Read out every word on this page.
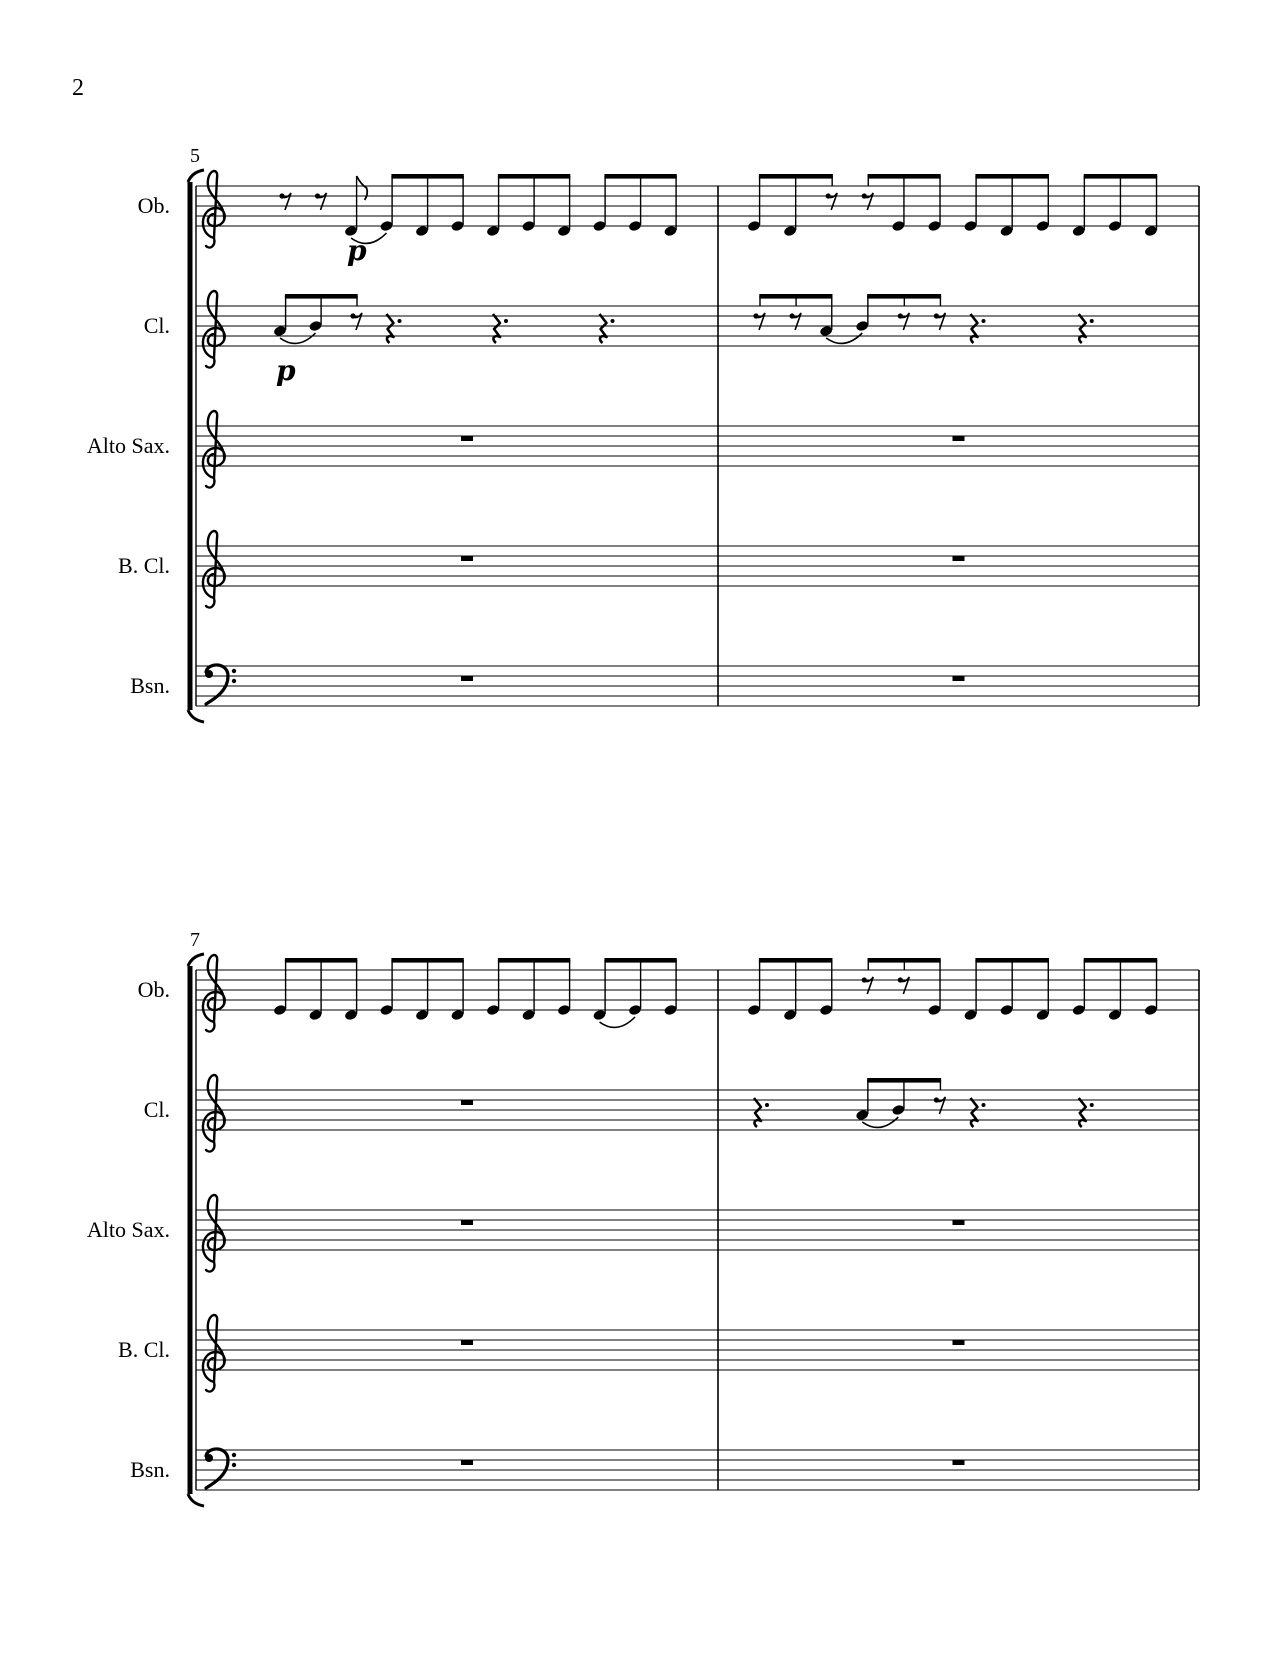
2
5
Ob.
Cl.
Alto Sax.
B. Cl.
Bsn.
p
p
7
Ob.
Cl.
Alto Sax.
B. Cl.
Bsn.
